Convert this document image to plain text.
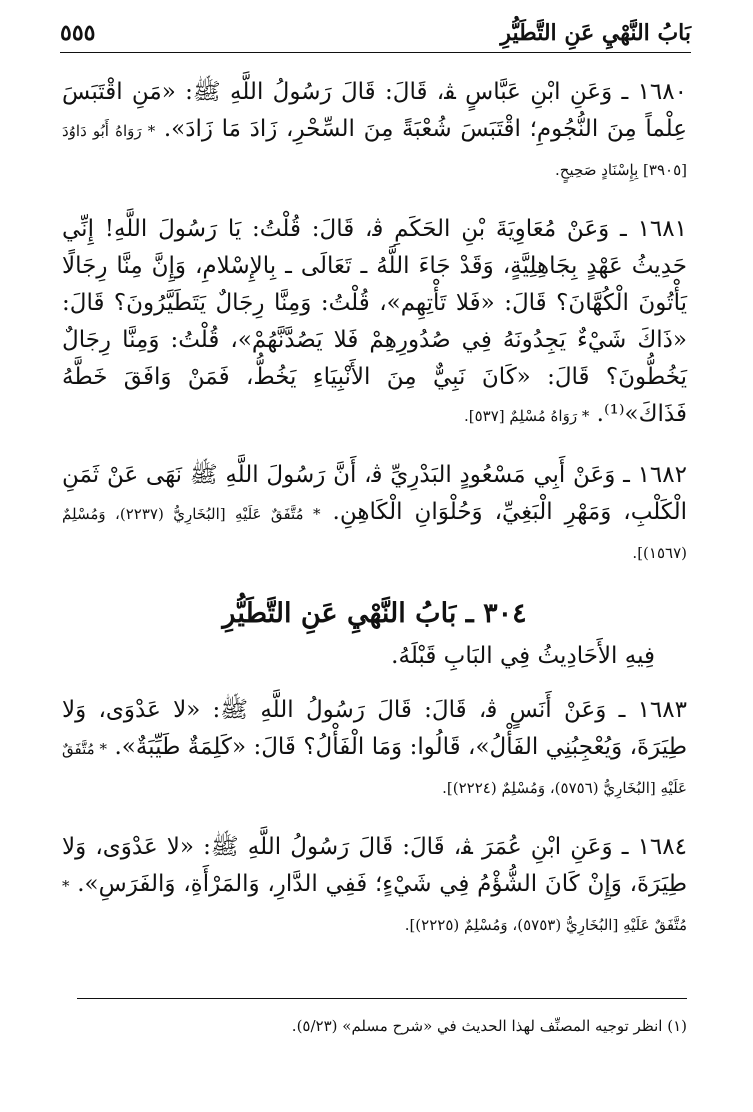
بَابُ النَّهْيِ عَنِ التَّطَيُّرِ
٥٥٥

١٦٨٠ ـ وَعَنِ ابْنِ عَبَّاسٍ ﭭ، قَالَ: قَالَ رَسُولُ اللَّهِ ﷺ: «مَنِ اقْتَبَسَ عِلْماً مِنَ النُّجُومِ؛ اقْتَبَسَ شُعْبَةً مِنَ السِّحْرِ، زَادَ مَا زَادَ». * رَوَاهُ أَبُو دَاوُدَ [٣٩٠٥] بِإِسْنَادٍ صَحِيحٍ.

١٦٨١ ـ وَعَنْ مُعَاوِيَةَ بْنِ الحَكَمِ ﭬ، قَالَ: قُلْتُ: يَا رَسُولَ اللَّهِ! إِنِّي حَدِيثُ عَهْدٍ بِجَاهِلِيَّةٍ، وَقَدْ جَاءَ اللَّهُ ـ تَعَالَى ـ بِالإِسْلامِ، وَإِنَّ مِنَّا رِجَالًا يَأْتُونَ الْكُهَّانَ؟ قَالَ: «فَلا تَأْتِهِم»، قُلْتُ: وَمِنَّا رِجَالٌ يَتَطَيَّرُونَ؟ قَالَ: «ذَاكَ شَيْءٌ يَجِدُونَهُ فِي صُدُورِهِمْ فَلا يَصُدَّنَّهُمْ»، قُلْتُ: وَمِنَّا رِجَالٌ يَخُطُّونَ؟ قَالَ: «كَانَ نَبِيٌّ مِنَ الأَنْبِيَاءِ يَخُطُّ، فَمَنْ وَافَقَ خَطَّهُ فَذَاكَ»⁽¹⁾. * رَوَاهُ مُسْلِمٌ [٥٣٧].

١٦٨٢ ـ وَعَنْ أَبِي مَسْعُودٍ البَدْرِيِّ ﭬ، أَنَّ رَسُولَ اللَّهِ ﷺ نَهَى عَنْ ثَمَنِ الْكَلْبِ، وَمَهْرِ الْبَغِيِّ، وَحُلْوَانِ الْكَاهِنِ. * مُتَّفَقٌ عَلَيْهِ [البُخَارِيُّ (٢٢٣٧)، وَمُسْلِمٌ (١٥٦٧)].

٣٠٤ ـ بَابُ النَّهْيِ عَنِ التَّطَيُّرِ
فِيهِ الأَحَادِيثُ فِي البَابِ قَبْلَهُ.

١٦٨٣ ـ وَعَنْ أَنَسٍ ﭬ، قَالَ: قَالَ رَسُولُ اللَّهِ ﷺ: «لا عَدْوَى، وَلا طِيَرَةَ، وَيُعْجِبُنِي الفَأْلُ»، قَالُوا: وَمَا الْفَأْلُ؟ قَالَ: «كَلِمَةٌ طَيِّبَةٌ». * مُتَّفَقٌ عَلَيْهِ [البُخَارِيُّ (٥٧٥٦)، وَمُسْلِمٌ (٢٢٢٤)].

١٦٨٤ ـ وَعَنِ ابْنِ عُمَرَ ﭭ، قَالَ: قَالَ رَسُولُ اللَّهِ ﷺ: «لا عَدْوَى، وَلا طِيَرَةَ، وَإِنْ كَانَ الشُّؤْمُ فِي شَيْءٍ؛ فَفِي الدَّارِ، وَالمَرْأَةِ، وَالفَرَسِ». * مُتَّفَقٌ عَلَيْهِ [البُخَارِيُّ (٥٧٥٣)، وَمُسْلِمٌ (٢٢٢٥)].

(١) انظر توجيه المصنِّف لهذا الحديث في «شرح مسلم» (٥/٢٣).
